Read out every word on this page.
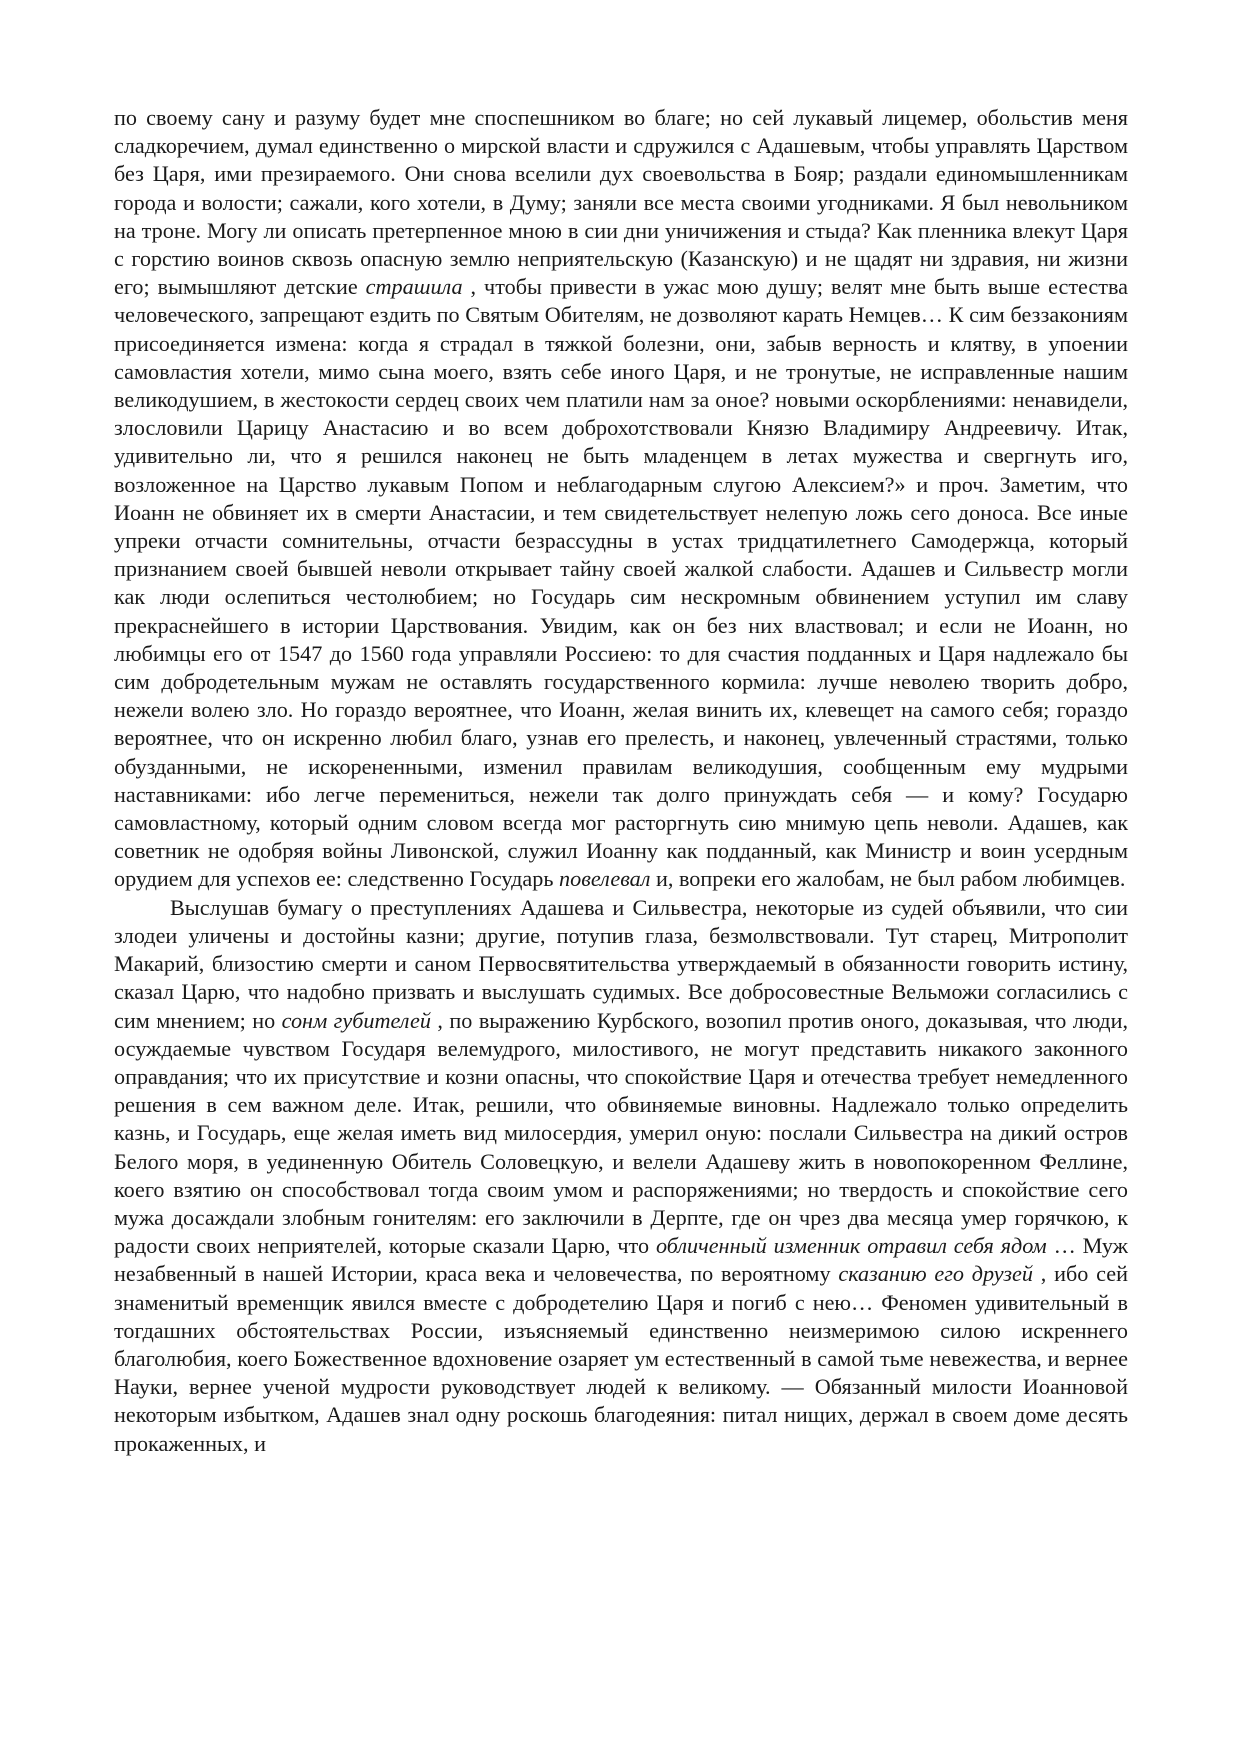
по своему сану и разуму будет мне споспешником во благе; но сей лукавый лицемер, обольстив меня сладкоречием, думал единственно о мирской власти и сдружился с Адашевым, чтобы управлять Царством без Царя, ими презираемого. Они снова вселили дух своевольства в Бояр; раздали единомышленникам города и волости; сажали, кого хотели, в Думу; заняли все места своими угодниками. Я был невольником на троне. Могу ли описать претерпенное мною в сии дни уничижения и стыда? Как пленника влекут Царя с горстию воинов сквозь опасную землю неприятельскую (Казанскую) и не щадят ни здравия, ни жизни его; вымышляют детские страшила , чтобы привести в ужас мою душу; велят мне быть выше естества человеческого, запрещают ездить по Святым Обителям, не дозволяют карать Немцев… К сим беззакониям присоединяется измена: когда я страдал в тяжкой болезни, они, забыв верность и клятву, в упоении самовластия хотели, мимо сына моего, взять себе иного Царя, и не тронутые, не исправленные нашим великодушием, в жестокости сердец своих чем платили нам за оное? новыми оскорблениями: ненавидели, злословили Царицу Анастасию и во всем доброхотствовали Князю Владимиру Андреевичу. Итак, удивительно ли, что я решился наконец не быть младенцем в летах мужества и свергнуть иго, возложенное на Царство лукавым Попом и неблагодарным слугою Алексием?» и проч. Заметим, что Иоанн не обвиняет их в смерти Анастасии, и тем свидетельствует нелепую ложь сего доноса. Все иные упреки отчасти сомнительны, отчасти безрассудны в устах тридцатилетнего Самодержца, который признанием своей бывшей неволи открывает тайну своей жалкой слабости. Адашев и Сильвестр могли как люди ослепиться честолюбием; но Государь сим нескромным обвинением уступил им славу прекраснейшего в истории Царствования. Увидим, как он без них властвовал; и если не Иоанн, но любимцы его от 1547 до 1560 года управляли Россиею: то для счастия подданных и Царя надлежало бы сим добродетельным мужам не оставлять государственного кормила: лучше неволею творить добро, нежели волею зло. Но гораздо вероятнее, что Иоанн, желая винить их, клевещет на самого себя; гораздо вероятнее, что он искренно любил благо, узнав его прелесть, и наконец, увлеченный страстями, только обузданными, не искорененными, изменил правилам великодушия, сообщенным ему мудрыми наставниками: ибо легче перемениться, нежели так долго принуждать себя — и кому? Государю самовластному, который одним словом всегда мог расторгнуть сию мнимую цепь неволи. Адашев, как советник не одобряя войны Ливонской, служил Иоанну как подданный, как Министр и воин усердным орудием для успехов ее: следственно Государь повелевал и, вопреки его жалобам, не был рабом любимцев.

Выслушав бумагу о преступлениях Адашева и Сильвестра, некоторые из судей объявили, что сии злодеи уличены и достойны казни; другие, потупив глаза, безмолвствовали. Тут старец, Митрополит Макарий, близостию смерти и саном Первосвятительства утверждаемый в обязанности говорить истину, сказал Царю, что надобно призвать и выслушать судимых. Все добросовестные Вельможи согласились с сим мнением; но сонм губителей , по выражению Курбского, возопил против оного, доказывая, что люди, осуждаемые чувством Государя велемудрого, милостивого, не могут представить никакого законного оправдания; что их присутствие и козни опасны, что спокойствие Царя и отечества требует немедленного решения в сем важном деле. Итак, решили, что обвиняемые виновны. Надлежало только определить казнь, и Государь, еще желая иметь вид милосердия, умерил оную: послали Сильвестра на дикий остров Белого моря, в уединенную Обитель Соловецкую, и велели Адашеву жить в новопокоренном Феллине, коего взятию он способствовал тогда своим умом и распоряжениями; но твердость и спокойствие сего мужа досаждали злобным гонителям: его заключили в Дерпте, где он чрез два месяца умер горячкою, к радости своих неприятелей, которые сказали Царю, что обличенный изменник отравил себя ядом … Муж незабвенный в нашей Истории, краса века и человечества, по вероятному сказанию его друзей , ибо сей знаменитый временщик явился вместе с добродетелию Царя и погиб с нею… Феномен удивительный в тогдашних обстоятельствах России, изъясняемый единственно неизмеримою силою искреннего благолюбия, коего Божественное вдохновение озаряет ум естественный в самой тьме невежества, и вернее Науки, вернее ученой мудрости руководствует людей к великому. — Обязанный милости Иоанновой некоторым избытком, Адашев знал одну роскошь благодеяния: питал нищих, держал в своем доме десять прокаженных, и
